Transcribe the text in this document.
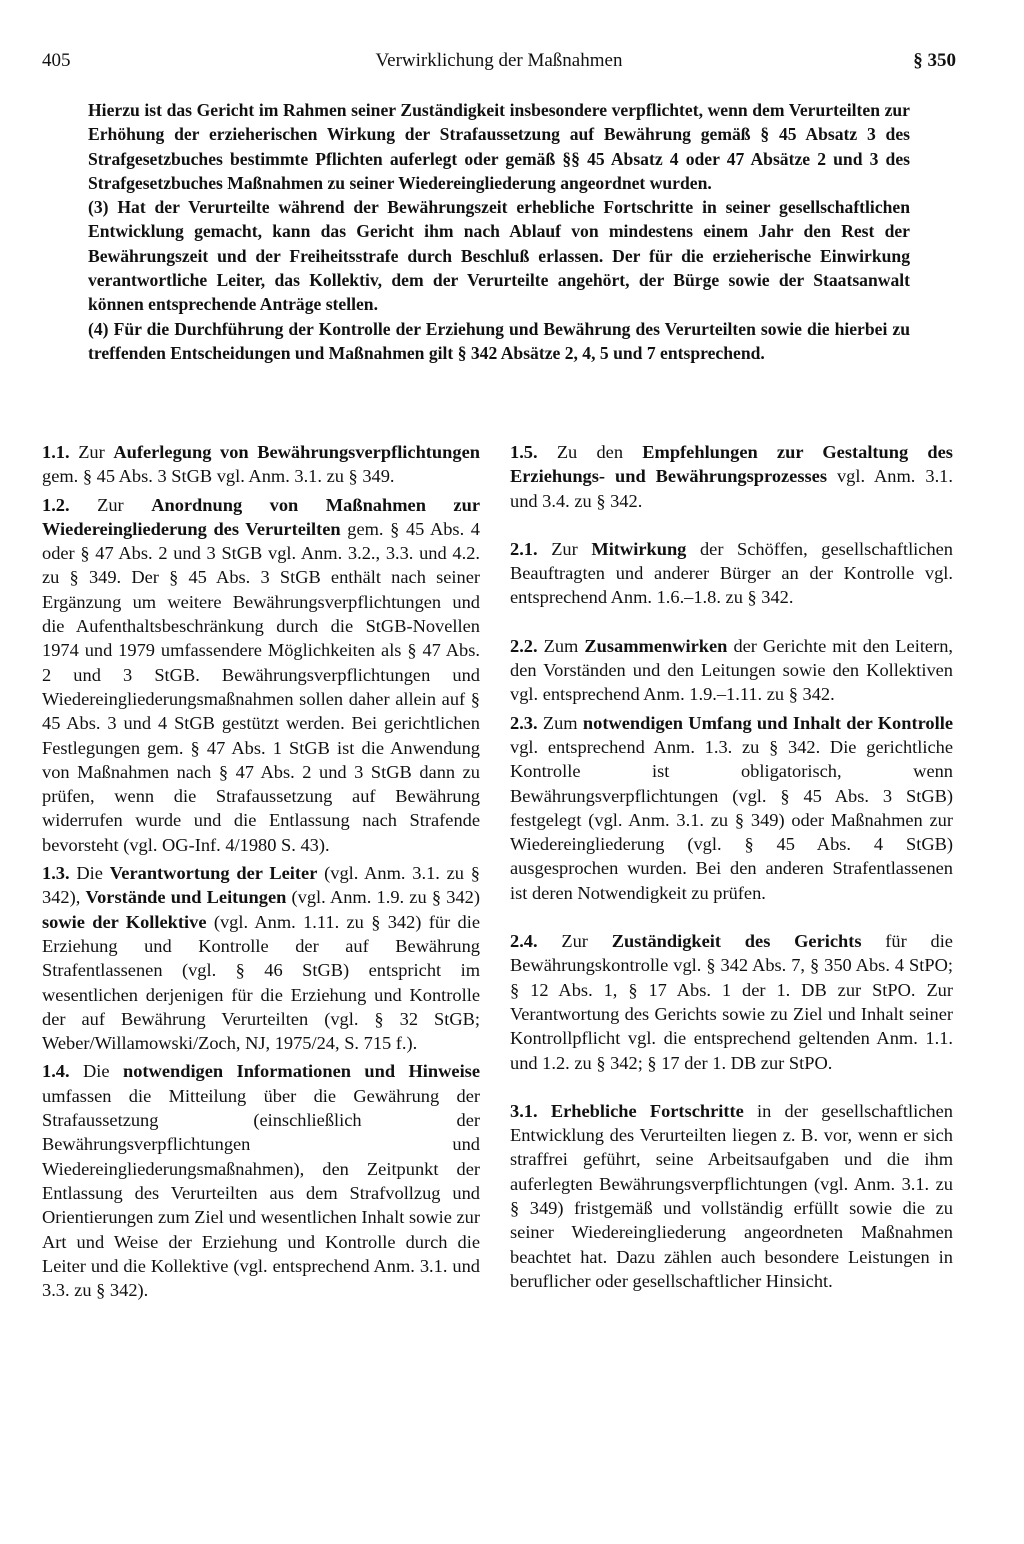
405	Verwirklichung der Maßnahmen	§ 350

Hierzu ist das Gericht im Rahmen seiner Zuständigkeit insbesondere verpflichtet, wenn dem Verurteilten zur Erhöhung der erzieherischen Wirkung der Strafaussetzung auf Bewährung gemäß § 45 Absatz 3 des Strafgesetzbuches bestimmte Pflichten auferlegt oder gemäß §§ 45 Absatz 4 oder 47 Absätze 2 und 3 des Strafgesetzbuches Maßnahmen zu seiner Wiedereingliederung angeordnet wurden.

(3) Hat der Verurteilte während der Bewährungszeit erhebliche Fortschritte in seiner gesellschaftlichen Entwicklung gemacht, kann das Gericht ihm nach Ablauf von mindestens einem Jahr den Rest der Bewährungszeit und der Freiheitsstrafe durch Beschluß erlassen. Der für die erzieherische Einwirkung verantwortliche Leiter, das Kollektiv, dem der Verurteilte angehört, der Bürge sowie der Staatsanwalt können entsprechende Anträge stellen.

(4) Für die Durchführung der Kontrolle der Erziehung und Bewährung des Verurteilten sowie die hierbei zu treffenden Entscheidungen und Maßnahmen gilt § 342 Absätze 2, 4, 5 und 7 entsprechend.

1.1. Zur Auferlegung von Bewährungsverpflichtungen gem. § 45 Abs. 3 StGB vgl. Anm. 3.1. zu § 349.

1.2. Zur Anordnung von Maßnahmen zur Wiedereingliederung des Verurteilten gem. § 45 Abs. 4 oder § 47 Abs. 2 und 3 StGB vgl. Anm. 3.2., 3.3. und 4.2. zu § 349. Der § 45 Abs. 3 StGB enthält nach seiner Ergänzung um weitere Bewährungsverpflichtungen und die Aufenthaltsbeschränkung durch die StGB-Novellen 1974 und 1979 umfassendere Möglichkeiten als § 47 Abs. 2 und 3 StGB. Bewährungsverpflichtungen und Wiedereingliederungsmaßnahmen sollen daher allein auf § 45 Abs. 3 und 4 StGB gestützt werden. Bei gerichtlichen Festlegungen gem. § 47 Abs. 1 StGB ist die Anwendung von Maßnahmen nach § 47 Abs. 2 und 3 StGB dann zu prüfen, wenn die Strafaussetzung auf Bewährung widerrufen wurde und die Entlassung nach Strafende bevorsteht (vgl. OG-Inf. 4/1980 S. 43).

1.3. Die Verantwortung der Leiter (vgl. Anm. 3.1. zu § 342), Vorstände und Leitungen (vgl. Anm. 1.9. zu § 342) sowie der Kollektive (vgl. Anm. 1.11. zu § 342) für die Erziehung und Kontrolle der auf Bewährung Strafentlassenen (vgl. § 46 StGB) entspricht im wesentlichen derjenigen für die Erziehung und Kontrolle der auf Bewährung Verurteilten (vgl. § 32 StGB; Weber/Willamowski/Zoch, NJ, 1975/24, S. 715 f.).

1.4. Die notwendigen Informationen und Hinweise umfassen die Mitteilung über die Gewährung der Strafaussetzung (einschließlich der Bewährungsverpflichtungen und Wiedereingliederungsmaßnahmen), den Zeitpunkt der Entlassung des Verurteilten aus dem Strafvollzug und Orientierungen zum Ziel und wesentlichen Inhalt sowie zur Art und Weise der Erziehung und Kontrolle durch die Leiter und die Kollektive (vgl. entsprechend Anm. 3.1. und 3.3. zu § 342).

1.5. Zu den Empfehlungen zur Gestaltung des Erziehungs- und Bewährungsprozesses vgl. Anm. 3.1. und 3.4. zu § 342.

2.1. Zur Mitwirkung der Schöffen, gesellschaftlichen Beauftragten und anderer Bürger an der Kontrolle vgl. entsprechend Anm. 1.6.–1.8. zu § 342.

2.2. Zum Zusammenwirken der Gerichte mit den Leitern, den Vorständen und den Leitungen sowie den Kollektiven vgl. entsprechend Anm. 1.9.–1.11. zu § 342.

2.3. Zum notwendigen Umfang und Inhalt der Kontrolle vgl. entsprechend Anm. 1.3. zu § 342. Die gerichtliche Kontrolle ist obligatorisch, wenn Bewährungsverpflichtungen (vgl. § 45 Abs. 3 StGB) festgelegt (vgl. Anm. 3.1. zu § 349) oder Maßnahmen zur Wiedereingliederung (vgl. § 45 Abs. 4 StGB) ausgesprochen wurden. Bei den anderen Strafentlassenen ist deren Notwendigkeit zu prüfen.

2.4. Zur Zuständigkeit des Gerichts für die Bewährungskontrolle vgl. § 342 Abs. 7, § 350 Abs. 4 StPO; § 12 Abs. 1, § 17 Abs. 1 der 1. DB zur StPO. Zur Verantwortung des Gerichts sowie zu Ziel und Inhalt seiner Kontrollpflicht vgl. die entsprechend geltenden Anm. 1.1. und 1.2. zu § 342; § 17 der 1. DB zur StPO.

3.1. Erhebliche Fortschritte in der gesellschaftlichen Entwicklung des Verurteilten liegen z. B. vor, wenn er sich straffrei geführt, seine Arbeitsaufgaben und die ihm auferlegten Bewährungsverpflichtungen (vgl. Anm. 3.1. zu § 349) fristgemäß und vollständig erfüllt sowie die zu seiner Wiedereingliederung angeordneten Maßnahmen beachtet hat. Dazu zählen auch besondere Leistungen in beruflicher oder gesellschaftlicher Hinsicht.
